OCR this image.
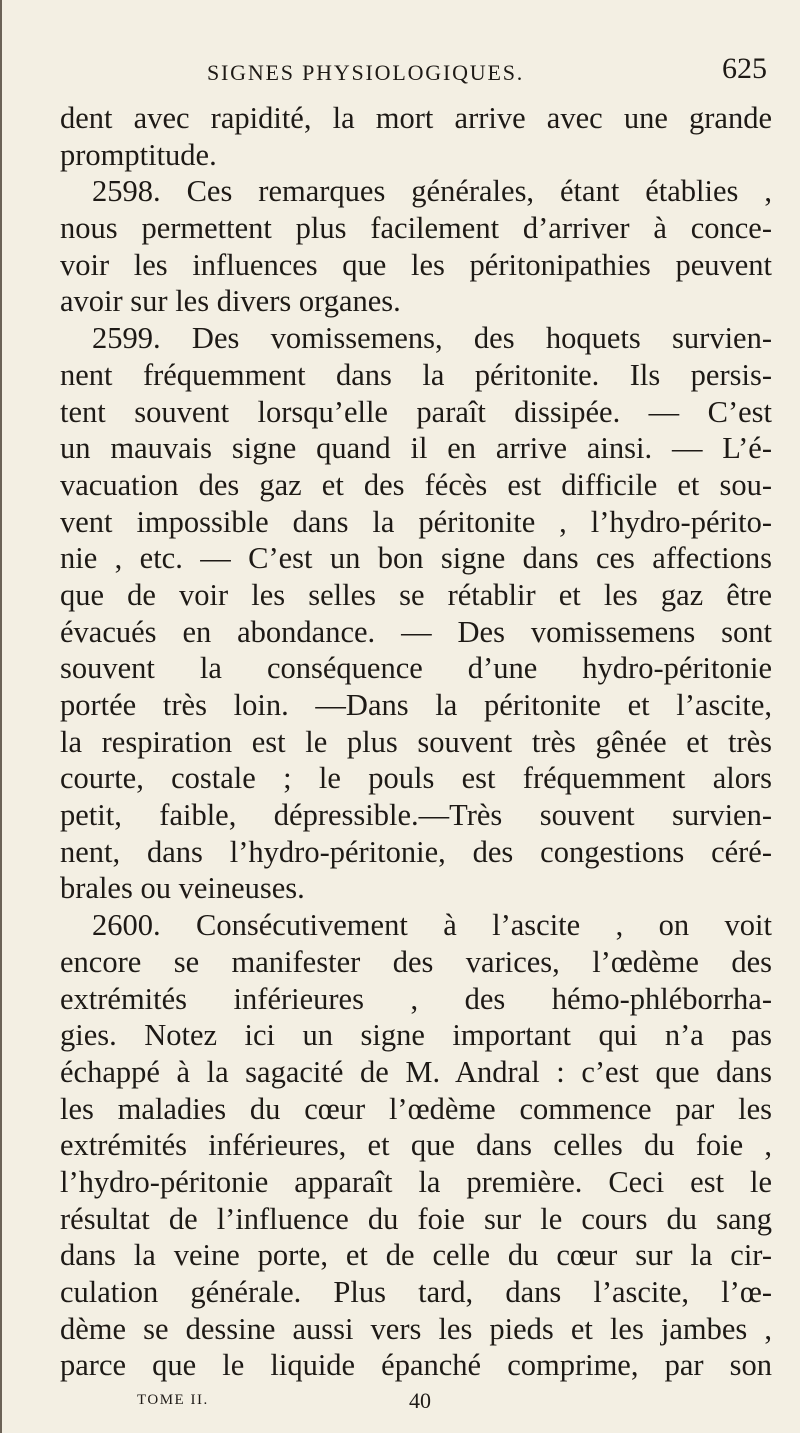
SIGNES PHYSIOLOGIQUES.	625
dent avec rapidité, la mort arrive avec une grande
promptitude.
2598. Ces remarques générales, étant établies ,
nous permettent plus facilement d’arriver à conce-
voir les influences que les péritonipathies peuvent
avoir sur les divers organes.
2599. Des vomissemens, des hoquets survien-
nent fréquemment dans la péritonite. Ils persis-
tent souvent lorsqu’elle paraît dissipée. — C’est
un mauvais signe quand il en arrive ainsi. — L’é-
vacuation des gaz et des fécès est difficile et sou-
vent impossible dans la péritonite , l’hydro-périto-
nie , etc. — C’est un bon signe dans ces affections
que de voir les selles se rétablir et les gaz être
évacués en abondance. — Des vomissemens sont
souvent la conséquence d’une hydro-péritonie
portée très loin. —Dans la péritonite et l’ascite,
la respiration est le plus souvent très gênée et très
courte, costale ; le pouls est fréquemment alors
petit, faible, dépressible.—Très souvent survien-
nent, dans l’hydro-péritonie, des congestions céré-
brales ou veineuses.
2600. Consécutivement à l’ascite , on voit
encore se manifester des varices, l’œdème des
extrémités inférieures , des hémo-phléborrha-
gies. Notez ici un signe important qui n’a pas
échappé à la sagacité de M. Andral : c’est que dans
les maladies du cœur l’œdème commence par les
extrémités inférieures, et que dans celles du foie ,
l’hydro-péritonie apparaît la première. Ceci est le
résultat de l’influence du foie sur le cours du sang
dans la veine porte, et de celle du cœur sur la cir-
culation générale. Plus tard, dans l’ascite, l’œ-
dème se dessine aussi vers les pieds et les jambes ,
parce que le liquide épanché comprime, par son
TOME II.	40
